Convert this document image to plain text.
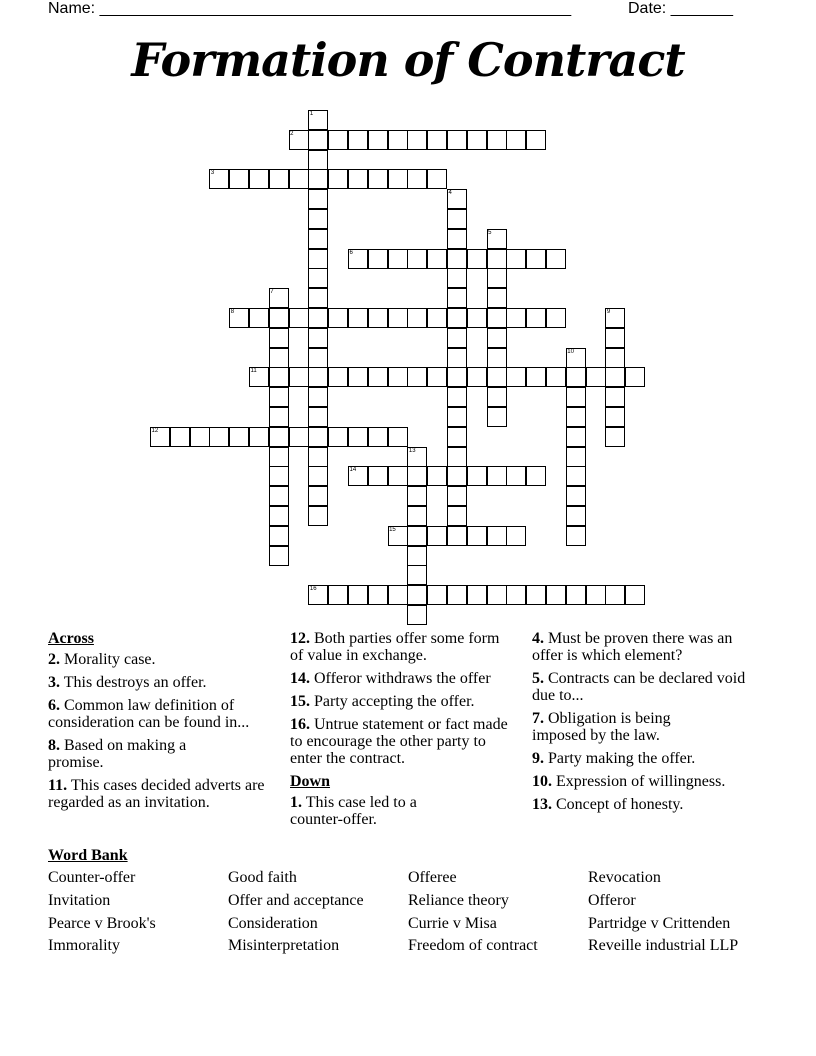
Name: _____________________________________________________	Date: _______
Formation of Contract
1
2
3
4
5
6
7
8	9
10
11
12
13
14
15
16
Across
2. Morality case.
3. This destroys an offer.
6. Common law definition of consideration can be found in...
8. Based on making a promise.
11. This cases decided adverts are regarded as an invitation.
12. Both parties offer some form of value in exchange.
14. Offeror withdraws the offer
15. Party accepting the offer.
16. Untrue statement or fact made to encourage the other party to enter the contract.
Down
1. This case led to a counter-offer.
4. Must be proven there was an offer is which element?
5. Contracts can be declared void due to...
7. Obligation is being imposed by the law.
9. Party making the offer.
10. Expression of willingness.
13. Concept of honesty.
Word Bank
Counter-offer	Good faith	Offeree	Revocation
Invitation	Offer and acceptance	Reliance theory	Offeror
Pearce v Brook's	Consideration	Currie v Misa	Partridge v Crittenden
Immorality	Misinterpretation	Freedom of contract	Reveille industrial LLP
